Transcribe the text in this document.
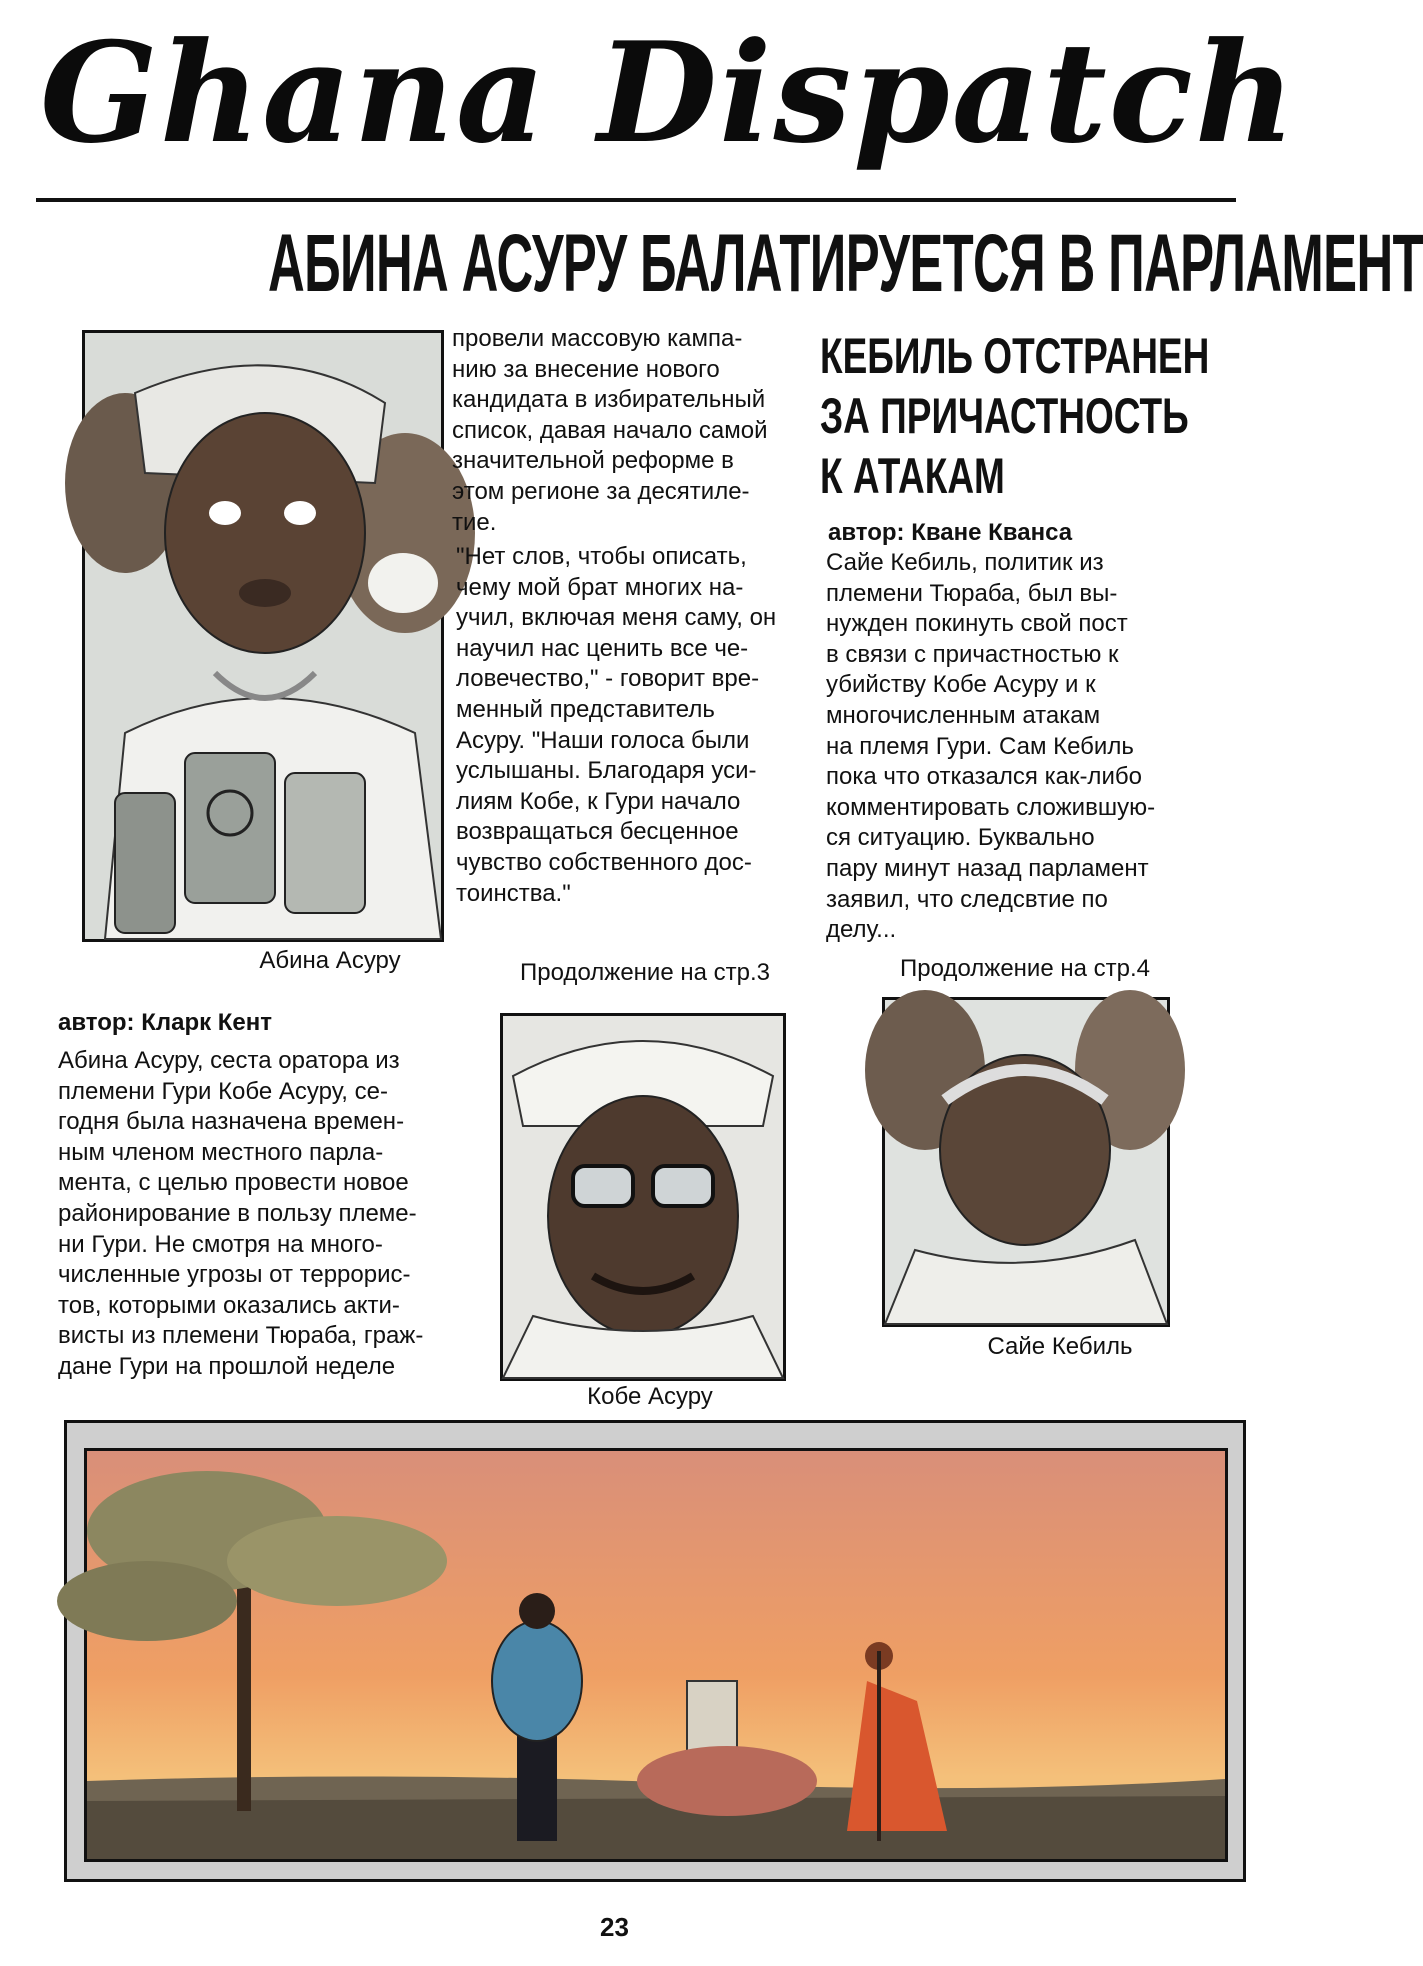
Ghana Dispatch
АБИНА АСУРУ БАЛАТИРУЕТСЯ В ПАРЛАМЕНТ
Абина Асуру
провели массовую кампа-
нию за внесение нового
кандидата в избирательный
список, давая начало самой
значительной реформе в
этом регионе за десятиле-
тие.
"Нет слов, чтобы описать,
чему мой брат многих на-
учил, включая меня саму, он
научил нас ценить все че-
ловечество," - говорит вре-
менный представитель
Асуру. "Наши голоса были
услышаны. Благодаря уси-
лиям Кобе, к Гури начало
возвращаться бесценное
чувство собственного дос-
тоинства."
Продолжение на стр.3
КЕБИЛЬ ОТСТРАНЕН
ЗА ПРИЧАСТНОСТЬ
К АТАКАМ
автор: Кване Кванса
Сайе Кебиль, политик из
племени Тюраба, был вы-
нужден покинуть свой пост
в связи с причастностью к
убийству Кобе Асуру и к
многочисленным атакам
на племя Гури. Сам Кебиль
пока что отказался как-либо
комментировать сложившую-
ся ситуацию. Буквально
пару минут назад парламент
заявил, что следсвтие по
делу...
Продолжение на стр.4
автор: Кларк Кент
Абина Асуру, сеста оратора из
племени Гури Кобе Асуру, се-
годня была назначена времен-
ным членом местного парла-
мента, с целью провести новое
районирование в пользу племе-
ни Гури. Не смотря на много-
численные угрозы от террорис-
тов, которыми оказались акти-
висты из племени Тюраба, граж-
дане Гури на прошлой неделе
Кобе Асуру
Сайе Кебиль
23
